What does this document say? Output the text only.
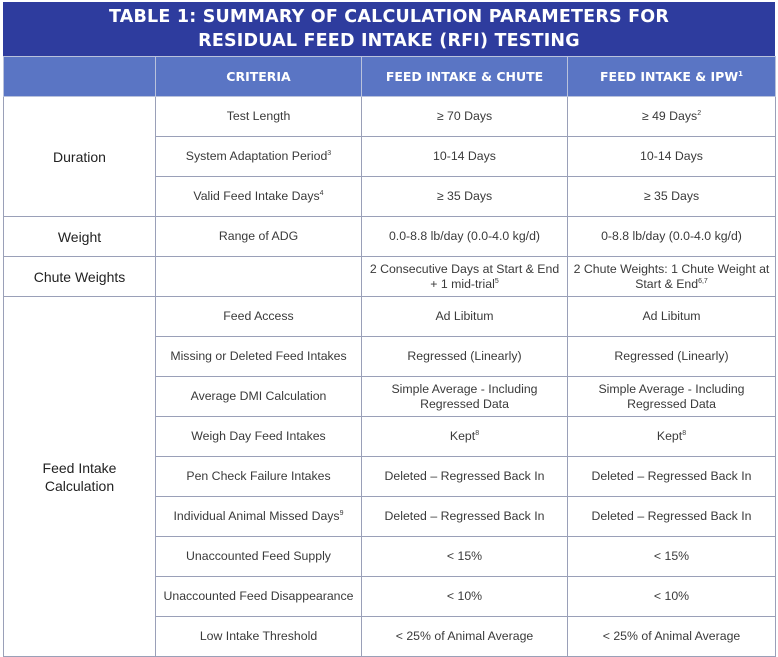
TABLE 1: SUMMARY OF CALCULATION PARAMETERS FOR
RESIDUAL FEED INTAKE (RFI) TESTING
	CRITERIA	FEED INTAKE & CHUTE	FEED INTAKE & IPW$^1$
Duration	Test Length	≥ 70 Days	≥ 49 Days$^2$
	System Adaptation Period$^3$	10-14 Days	10-14 Days
	Valid Feed Intake Days$^4$	≥ 35 Days	≥ 35 Days
Weight	Range of ADG	0.0-8.8 lb/day (0.0-4.0 kg/d)	0-8.8 lb/day (0.0-4.0 kg/d)
Chute Weights		2 Consecutive Days at Start & End + 1 mid-trial$^5$	2 Chute Weights: 1 Chute Weight at Start & End$^{6,7}$
Feed Intake Calculation	Feed Access	Ad Libitum	Ad Libitum
	Missing or Deleted Feed Intakes	Regressed (Linearly)	Regressed (Linearly)
	Average DMI Calculation	Simple Average - Including Regressed Data	Simple Average - Including Regressed Data
	Weigh Day Feed Intakes	Kept$^8$	Kept$^8$
	Pen Check Failure Intakes	Deleted – Regressed Back In	Deleted – Regressed Back In
	Individual Animal Missed Days$^9$	Deleted – Regressed Back In	Deleted – Regressed Back In
	Unaccounted Feed Supply	< 15%	< 15%
	Unaccounted Feed Disappearance	< 10%	< 10%
	Low Intake Threshold	< 25% of Animal Average	< 25% of Animal Average
